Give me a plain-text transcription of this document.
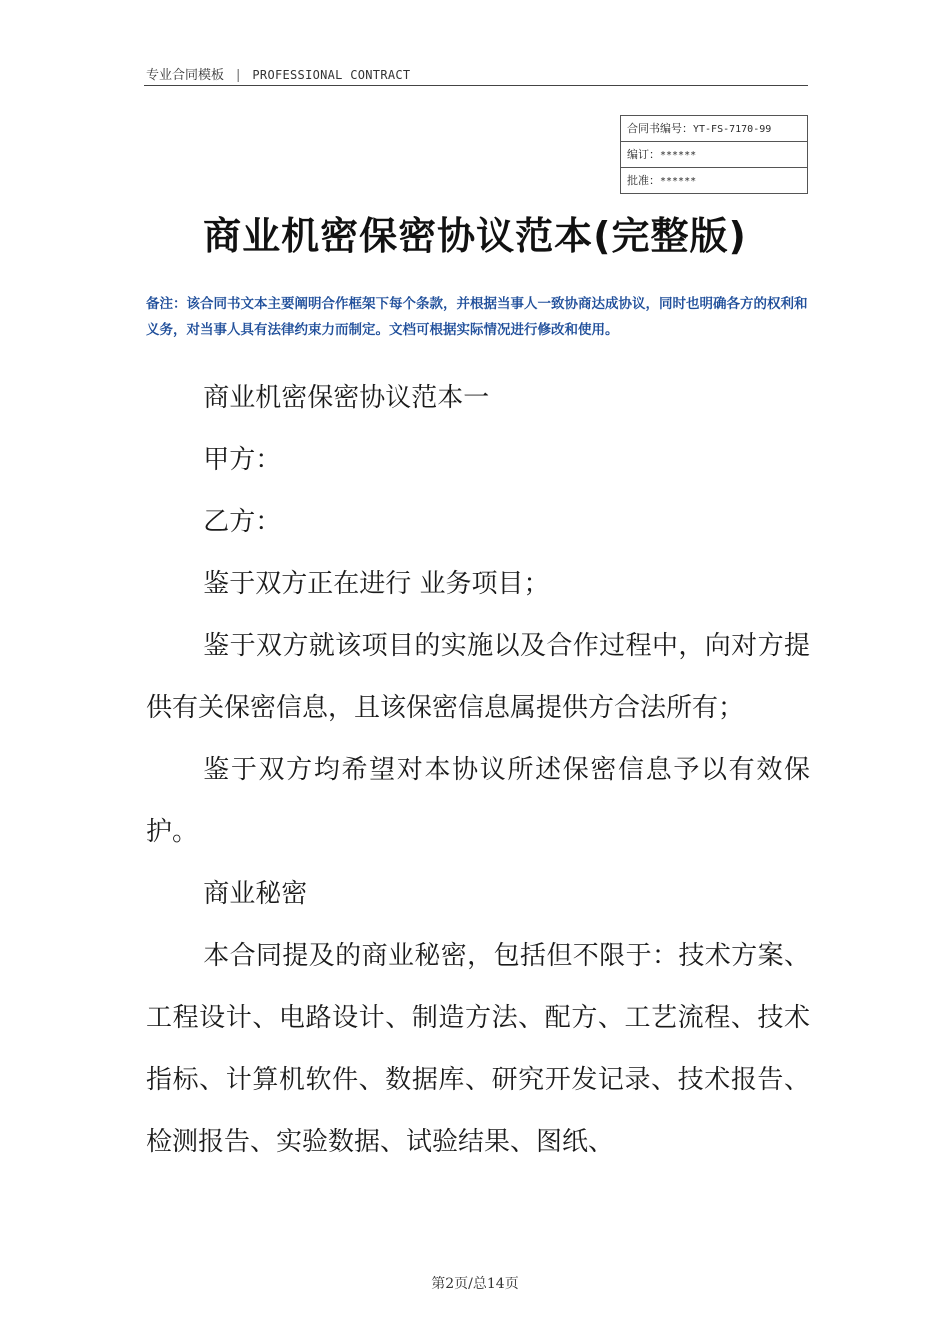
专业合同模板 | PROFESSIONAL CONTRACT
合同书编号：YT-FS-7170-99
编订：******
批准：******
商业机密保密协议范本(完整版)
备注：该合同书文本主要阐明合作框架下每个条款，并根据当事人一致协商达成协议，同时也明确各方的权利和义务，对当事人具有法律约束力而制定。文档可根据实际情况进行修改和使用。

商业机密保密协议范本一

甲方：

乙方：

鉴于双方正在进行 业务项目；

鉴于双方就该项目的实施以及合作过程中，向对方提供有关保密信息，且该保密信息属提供方合法所有；

鉴于双方均希望对本协议所述保密信息予以有效保护。

商业秘密

本合同提及的商业秘密，包括但不限于：技术方案、工程设计、电路设计、制造方法、配方、工艺流程、技术指标、计算机软件、数据库、研究开发记录、技术报告、检测报告、实验数据、试验结果、图纸、

第2页/总14页
